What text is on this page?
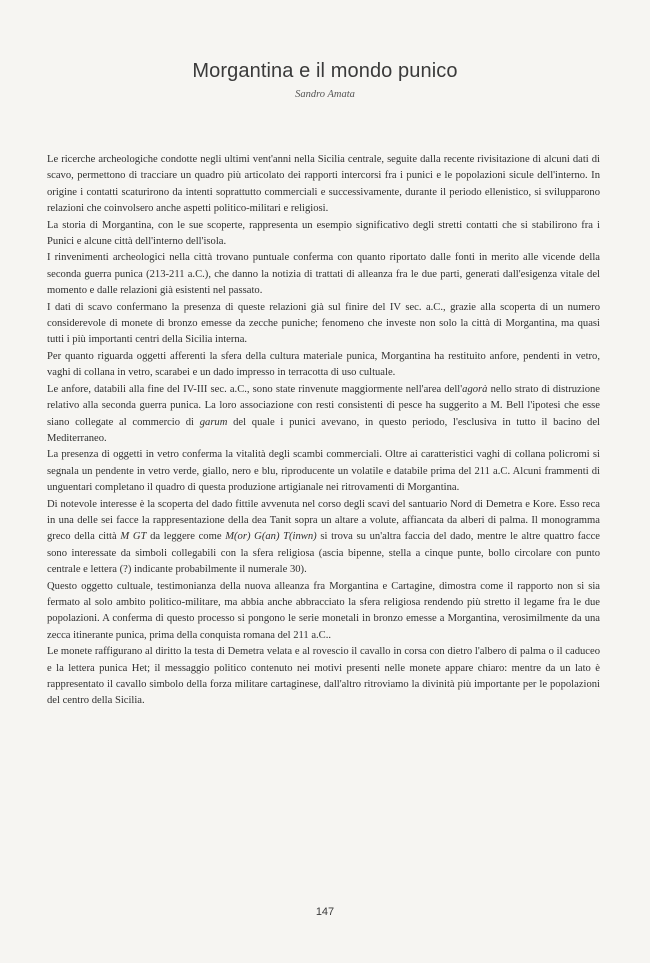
Morgantina e il mondo punico
Sandro Amata

Le ricerche archeologiche condotte negli ultimi vent'anni nella Sicilia centrale, seguite dalla recente rivisitazione di alcuni dati di scavo, permettono di tracciare un quadro più articolato dei rapporti intercorsi fra i punici e le popolazioni sicule dell'interno. In origine i contatti scaturirono da intenti soprattutto commerciali e successivamente, durante il periodo ellenistico, si svilupparono relazioni che coinvolsero anche aspetti politico-militari e religiosi.

La storia di Morgantina, con le sue scoperte, rappresenta un esempio significativo degli stretti contatti che si stabilirono fra i Punici e alcune città dell'interno dell'isola.

I rinvenimenti archeologici nella città trovano puntuale conferma con quanto riportato dalle fonti in merito alle vicende della seconda guerra punica (213-211 a.C.), che danno la notizia di trattati di alleanza fra le due parti, generati dall'esigenza vitale del momento e dalle relazioni già esistenti nel passato.

I dati di scavo confermano la presenza di queste relazioni già sul finire del IV sec. a.C., grazie alla scoperta di un numero considerevole di monete di bronzo emesse da zecche puniche; fenomeno che investe non solo la città di Morgantina, ma quasi tutti i più importanti centri della Sicilia interna.

Per quanto riguarda oggetti afferenti la sfera della cultura materiale punica, Morgantina ha restituito anfore, pendenti in vetro, vaghi di collana in vetro, scarabei e un dado impresso in terracotta di uso cultuale.

Le anfore, databili alla fine del IV-III sec. a.C., sono state rinvenute maggiormente nell'area dell'agorà nello strato di distruzione relativo alla seconda guerra punica. La loro associazione con resti consistenti di pesce ha suggerito a M. Bell l'ipotesi che esse siano collegate al commercio di garum del quale i punici avevano, in questo periodo, l'esclusiva in tutto il bacino del Mediterraneo.

La presenza di oggetti in vetro conferma la vitalità degli scambi commerciali. Oltre ai caratteristici vaghi di collana policromi si segnala un pendente in vetro verde, giallo, nero e blu, riproducente un volatile e databile prima del 211 a.C. Alcuni frammenti di unguentari completano il quadro di questa produzione artigianale nei ritrovamenti di Morgantina.

Di notevole interesse è la scoperta del dado fittile avvenuta nel corso degli scavi del santuario Nord di Demetra e Kore. Esso reca in una delle sei facce la rappresentazione della dea Tanit sopra un altare a volute, affiancata da alberi di palma. Il monogramma greco della città M GT da leggere come M(or) G(an) T(inwn) si trova su un'altra faccia del dado, mentre le altre quattro facce sono interessate da simboli collegabili con la sfera religiosa (ascia bipenne, stella a cinque punte, bollo circolare con punto centrale e lettera (?) indicante probabilmente il numerale 30).

Questo oggetto cultuale, testimonianza della nuova alleanza fra Morgantina e Cartagine, dimostra come il rapporto non si sia fermato al solo ambito politico-militare, ma abbia anche abbracciato la sfera religiosa rendendo più stretto il legame fra le due popolazioni. A conferma di questo processo si pongono le serie monetali in bronzo emesse a Morgantina, verosimilmente da una zecca itinerante punica, prima della conquista romana del 211 a.C..

Le monete raffigurano al diritto la testa di Demetra velata e al rovescio il cavallo in corsa con dietro l'albero di palma o il caduceo e la lettera punica Het; il messaggio politico contenuto nei motivi presenti nelle monete appare chiaro: mentre da un lato è rappresentato il cavallo simbolo della forza militare cartaginese, dall'altro ritroviamo la divinità più importante per le popolazioni del centro della Sicilia.

147
